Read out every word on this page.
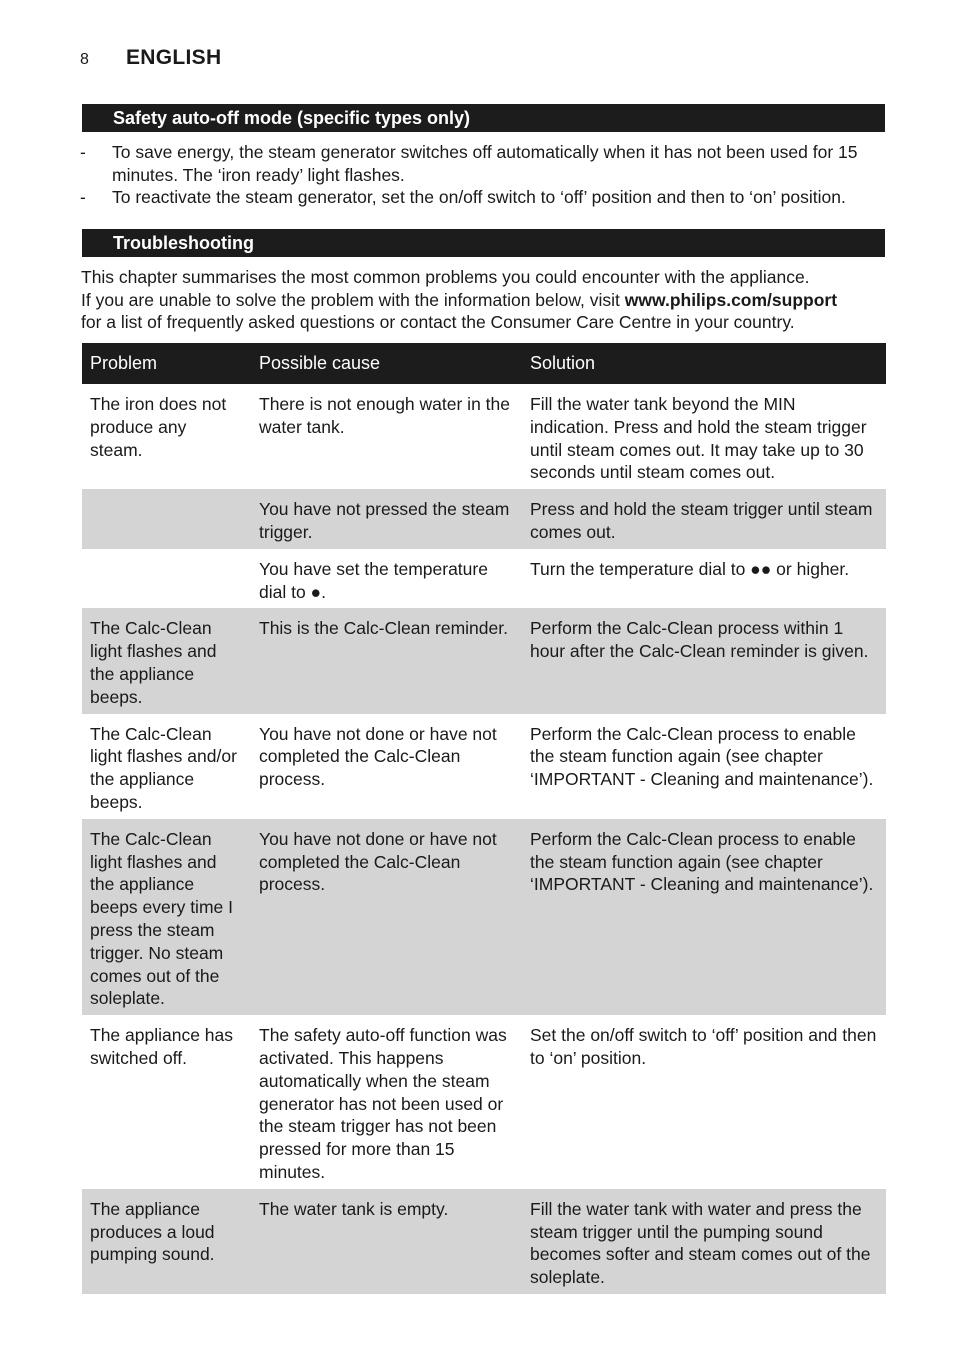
8	ENGLISH
Safety auto-off mode (specific types only)
-	To save energy, the steam generator switches off automatically when it has not been used for 15 minutes. The ‘iron ready’ light flashes.
-	To reactivate the steam generator, set the on/off switch to ‘off’ position and then to ‘on’ position.
Troubleshooting

This chapter summarises the most common problems you could encounter with the appliance.

If you are unable to solve the problem with the information below, visit www.philips.com/support

for a list of frequently asked questions or contact the Consumer Care Centre in your country.

Problem	Possible cause	Solution
The iron does not produce any steam.	There is not enough water in the water tank.	Fill the water tank beyond the MIN indication. Press and hold the steam trigger until steam comes out. It may take up to 30 seconds until steam comes out.
	You have not pressed the steam trigger.	Press and hold the steam trigger until steam comes out.
	You have set the temperature dial to ●.	Turn the temperature dial to ●● or higher.
The Calc-Clean light flashes and the appliance beeps.	This is the Calc-Clean reminder.	Perform the Calc-Clean process within 1 hour after the Calc-Clean reminder is given.
The Calc-Clean light flashes and/or the appliance beeps.	You have not done or have not completed the Calc-Clean process.	Perform the Calc-Clean process to enable the steam function again (see chapter ‘IMPORTANT - Cleaning and maintenance’).
The Calc-Clean light flashes and the appliance beeps every time I press the steam trigger. No steam comes out of the soleplate.	You have not done or have not completed the Calc-Clean process.	Perform the Calc-Clean process to enable the steam function again (see chapter ‘IMPORTANT - Cleaning and maintenance’).
The appliance has switched off.	The safety auto-off function was activated. This happens automatically when the steam generator has not been used or the steam trigger has not been pressed for more than 15 minutes.	Set the on/off switch to ‘off’ position and then to ‘on’ position.
The appliance produces a loud pumping sound.	The water tank is empty.	Fill the water tank with water and press the steam trigger until the pumping sound becomes softer and steam comes out of the soleplate.
